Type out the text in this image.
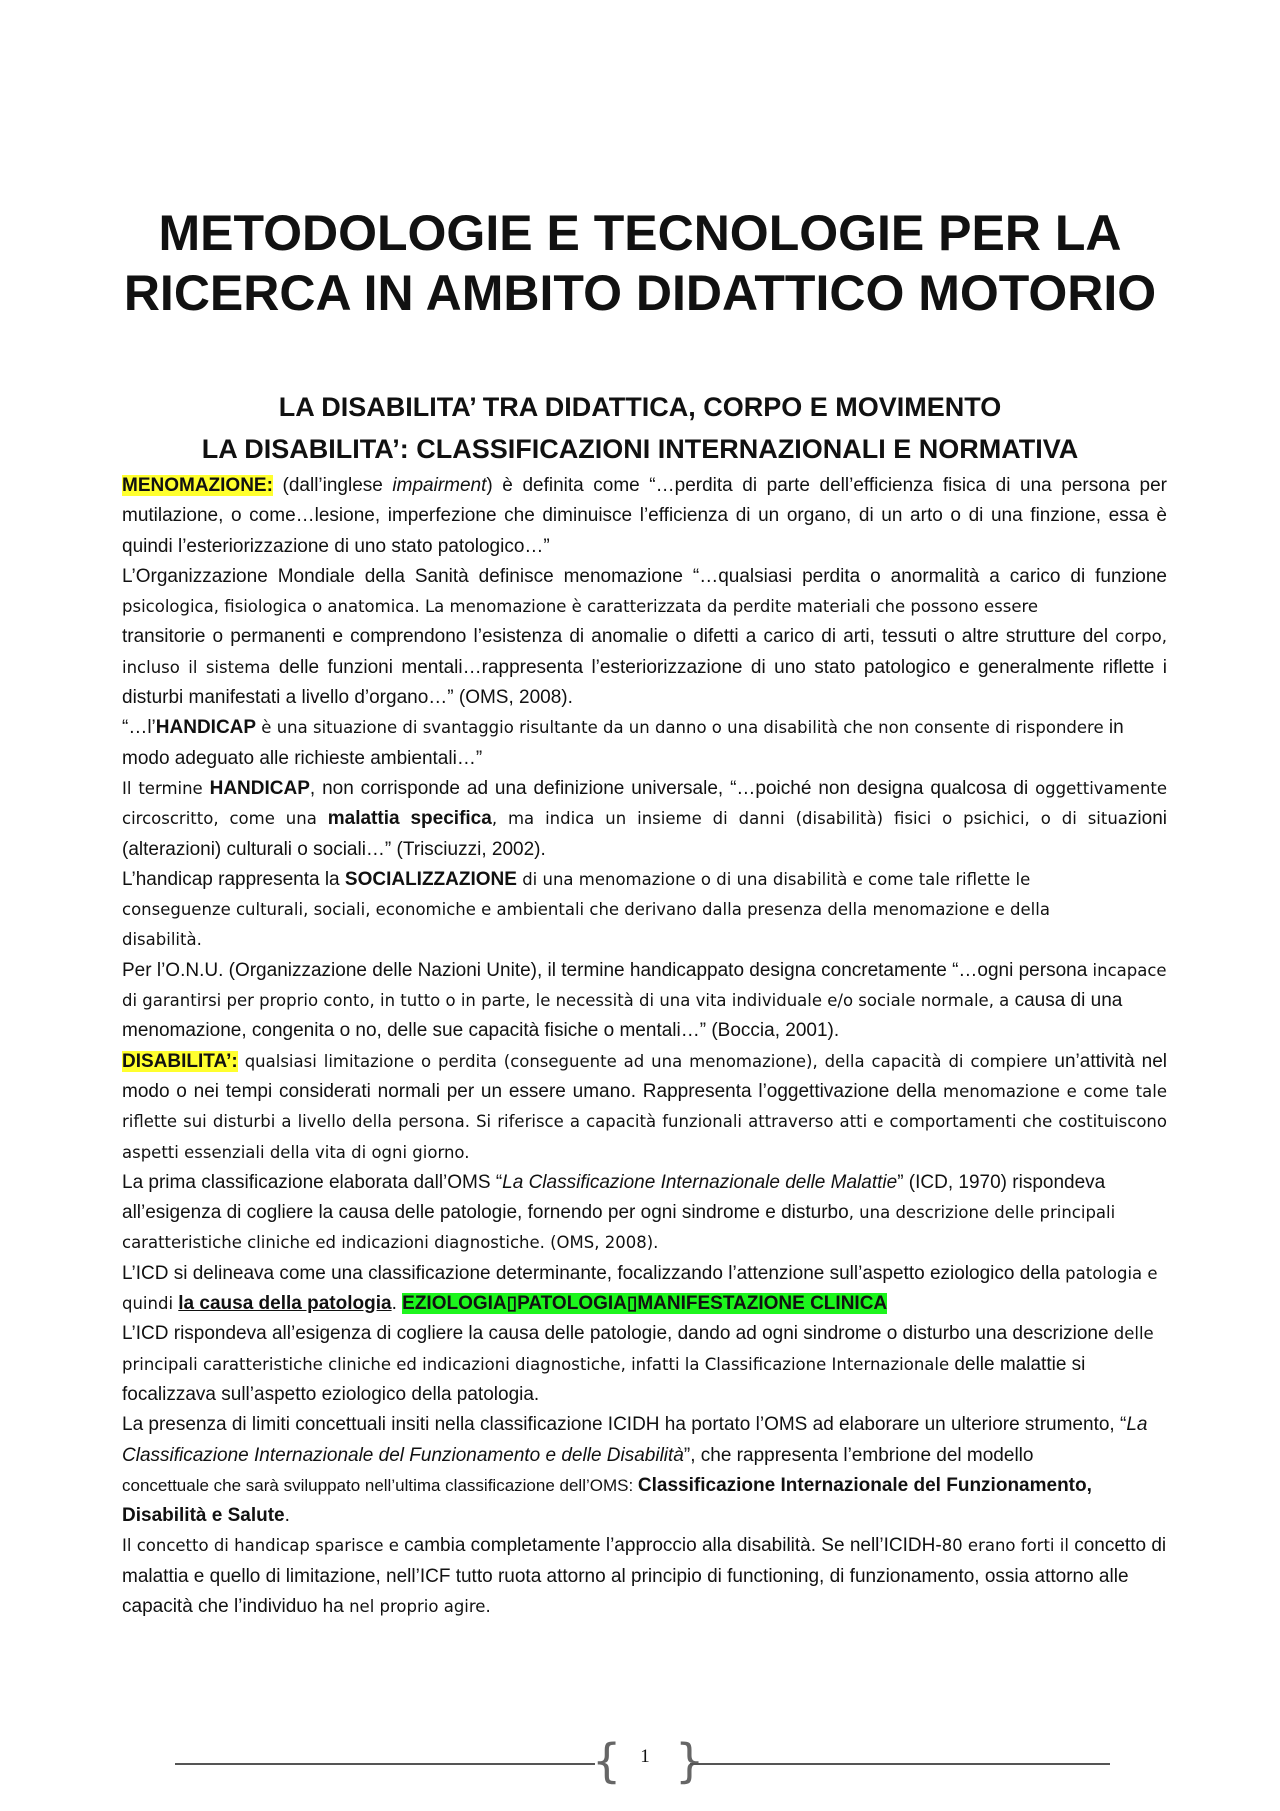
METODOLOGIE E TECNOLOGIE PER LA RICERCA IN AMBITO DIDATTICO MOTORIO
LA DISABILITA’ TRA DIDATTICA, CORPO E MOVIMENTO
LA DISABILITA’: CLASSIFICAZIONI INTERNAZIONALI E NORMATIVA

MENOMAZIONE: (dall’inglese impairment) è definita come “…perdita di parte dell’efficienza fisica di una persona per mutilazione, o come…lesione, imperfezione che diminuisce l’efficienza di un organo, di un arto o di una finzione, essa è quindi l’esteriorizzazione di uno stato patologico…”

L’Organizzazione Mondiale della Sanità definisce menomazione “…qualsiasi perdita o anormalità a carico di funzione psicologica, fisiologica o anatomica. La menomazione è caratterizzata da perdite materiali che possono essere

transitorie o permanenti e comprendono l’esistenza di anomalie o difetti a carico di arti, tessuti o altre strutture del corpo, incluso il sistema delle funzioni mentali…rappresenta l’esteriorizzazione di uno stato patologico e generalmente riflette i disturbi manifestati a livello d’organo…” (OMS, 2008).

“…l’HANDICAP è una situazione di svantaggio risultante da un danno o una disabilità che non consente di rispondere in modo adeguato alle richieste ambientali…”

Il termine HANDICAP, non corrisponde ad una definizione universale, “…poiché non designa qualcosa di oggettivamente circoscritto, come una malattia specifica, ma indica un insieme di danni (disabilità) fisici o psichici, o di situazioni (alterazioni) culturali o sociali…” (Trisciuzzi, 2002).

L’handicap rappresenta la SOCIALIZZAZIONE di una menomazione o di una disabilità e come tale riflette le conseguenze culturali, sociali, economiche e ambientali che derivano dalla presenza della menomazione e della disabilità.

Per l’O.N.U. (Organizzazione delle Nazioni Unite), il termine handicappato designa concretamente “…ogni persona incapace di garantirsi per proprio conto, in tutto o in parte, le necessità di una vita individuale e/o sociale normale, a causa di una menomazione, congenita o no, delle sue capacità fisiche o mentali…” (Boccia, 2001).

DISABILITA’: qualsiasi limitazione o perdita (conseguente ad una menomazione), della capacità di compiere un’attività nel modo o nei tempi considerati normali per un essere umano. Rappresenta l’oggettivazione della menomazione e come tale riflette sui disturbi a livello della persona. Si riferisce a capacità funzionali attraverso atti e comportamenti che costituiscono aspetti essenziali della vita di ogni giorno.

La prima classificazione elaborata dall’OMS “La Classificazione Internazionale delle Malattie” (ICD, 1970) rispondeva all’esigenza di cogliere la causa delle patologie, fornendo per ogni sindrome e disturbo, una descrizione delle principali caratteristiche cliniche ed indicazioni diagnostiche. (OMS, 2008).

L’ICD si delineava come una classificazione determinante, focalizzando l’attenzione sull’aspetto eziologico della patologia e quindi la causa della patologia. EZIOLOGIA▯PATOLOGIA▯MANIFESTAZIONE CLINICA

L’ICD rispondeva all’esigenza di cogliere la causa delle patologie, dando ad ogni sindrome o disturbo una descrizione delle principali caratteristiche cliniche ed indicazioni diagnostiche, infatti la Classificazione Internazionale delle malattie si focalizzava sull’aspetto eziologico della patologia.

La presenza di limiti concettuali insiti nella classificazione ICIDH ha portato l’OMS ad elaborare un ulteriore strumento, “La Classificazione Internazionale del Funzionamento e delle Disabilità”, che rappresenta l’embrione del modello

concettuale che sarà sviluppato nell’ultima classificazione dell’OMS: Classificazione Internazionale del Funzionamento, Disabilità e Salute.

Il concetto di handicap sparisce e cambia completamente l’approccio alla disabilità. Se nell’ICIDH-80 erano forti il concetto di malattia e quello di limitazione, nell’ICF tutto ruota attorno al principio di functioning, di funzionamento, ossia attorno alle capacità che l’individuo ha nel proprio agire.

{ 1 }
